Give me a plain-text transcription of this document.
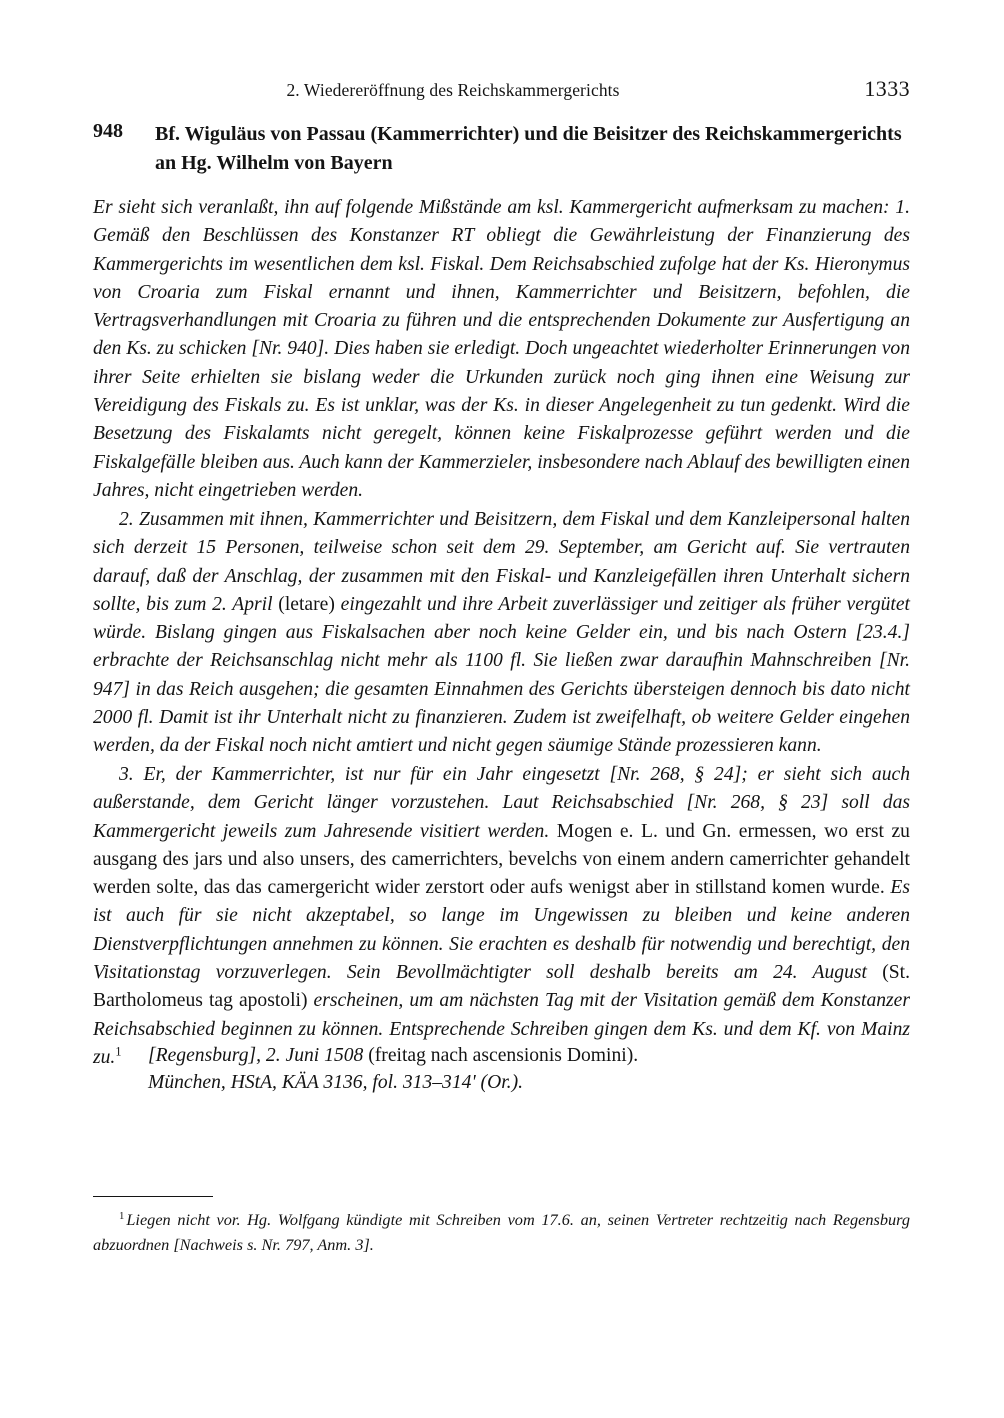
2. Wiedereröffnung des Reichskammergerichts	1333
948 Bf. Wiguläus von Passau (Kammerrichter) und die Beisitzer des Reichskammergerichts an Hg. Wilhelm von Bayern

Er sieht sich veranlaßt, ihn auf folgende Mißstände am ksl. Kammergericht aufmerksam zu machen: 1. Gemäß den Beschlüssen des Konstanzer RT obliegt die Gewährleistung der Finanzierung des Kammergerichts im wesentlichen dem ksl. Fiskal. Dem Reichsabschied zufolge hat der Ks. Hieronymus von Croaria zum Fiskal ernannt und ihnen, Kammerrichter und Beisitzern, befohlen, die Vertragsverhandlungen mit Croaria zu führen und die entsprechenden Dokumente zur Ausfertigung an den Ks. zu schicken [Nr. 940]. Dies haben sie erledigt. Doch ungeachtet wiederholter Erinnerungen von ihrer Seite erhielten sie bislang weder die Urkunden zurück noch ging ihnen eine Weisung zur Vereidigung des Fiskals zu. Es ist unklar, was der Ks. in dieser Angelegenheit zu tun gedenkt. Wird die Besetzung des Fiskalamts nicht geregelt, können keine Fiskalprozesse geführt werden und die Fiskalgefälle bleiben aus. Auch kann der Kammerzieler, insbesondere nach Ablauf des bewilligten einen Jahres, nicht eingetrieben werden.
2. Zusammen mit ihnen, Kammerrichter und Beisitzern, dem Fiskal und dem Kanzleipersonal halten sich derzeit 15 Personen, teilweise schon seit dem 29. September, am Gericht auf. Sie vertrauten darauf, daß der Anschlag, der zusammen mit den Fiskal- und Kanzleigefällen ihren Unterhalt sichern sollte, bis zum 2. April (letare) eingezahlt und ihre Arbeit zuverlässiger und zeitiger als früher vergütet würde. Bislang gingen aus Fiskalsachen aber noch keine Gelder ein, und bis nach Ostern [23.4.] erbrachte der Reichsanschlag nicht mehr als 1100 fl. Sie ließen zwar daraufhin Mahnschreiben [Nr. 947] in das Reich ausgehen; die gesamten Einnahmen des Gerichts übersteigen dennoch bis dato nicht 2000 fl. Damit ist ihr Unterhalt nicht zu finanzieren. Zudem ist zweifelhaft, ob weitere Gelder eingehen werden, da der Fiskal noch nicht amtiert und nicht gegen säumige Stände prozessieren kann.
3. Er, der Kammerrichter, ist nur für ein Jahr eingesetzt [Nr. 268, § 24]; er sieht sich auch außerstande, dem Gericht länger vorzustehen. Laut Reichsabschied [Nr. 268, § 23] soll das Kammergericht jeweils zum Jahresende visitiert werden. Mogen e. L. und Gn. ermessen, wo erst zu ausgang des jars und also unsers, des camerrichters, bevelchs von einem andern camerrichter gehandelt werden solte, das das camergericht wider zerstort oder aufs wenigst aber in stillstand komen wurde. Es ist auch für sie nicht akzeptabel, so lange im Ungewissen zu bleiben und keine anderen Dienstverpflichtungen annehmen zu können. Sie erachten es deshalb für notwendig und berechtigt, den Visitationstag vorzuverlegen. Sein Bevollmächtigter soll deshalb bereits am 24. August (St. Bartholomeus tag apostoli) erscheinen, um am nächsten Tag mit der Visitation gemäß dem Konstanzer Reichsabschied beginnen zu können. Entsprechende Schreiben gingen dem Ks. und dem Kf. von Mainz zu.$^1$	[Regensburg], 2. Juni 1508 (freitag nach ascensionis Domini).
München, HStA, KÄA 3136, fol. 313–314' (Or.).
$^1$ Liegen nicht vor. Hg. Wolfgang kündigte mit Schreiben vom 17.6. an, seinen Vertreter rechtzeitig nach Regensburg abzuordnen [Nachweis s. Nr. 797, Anm. 3].
